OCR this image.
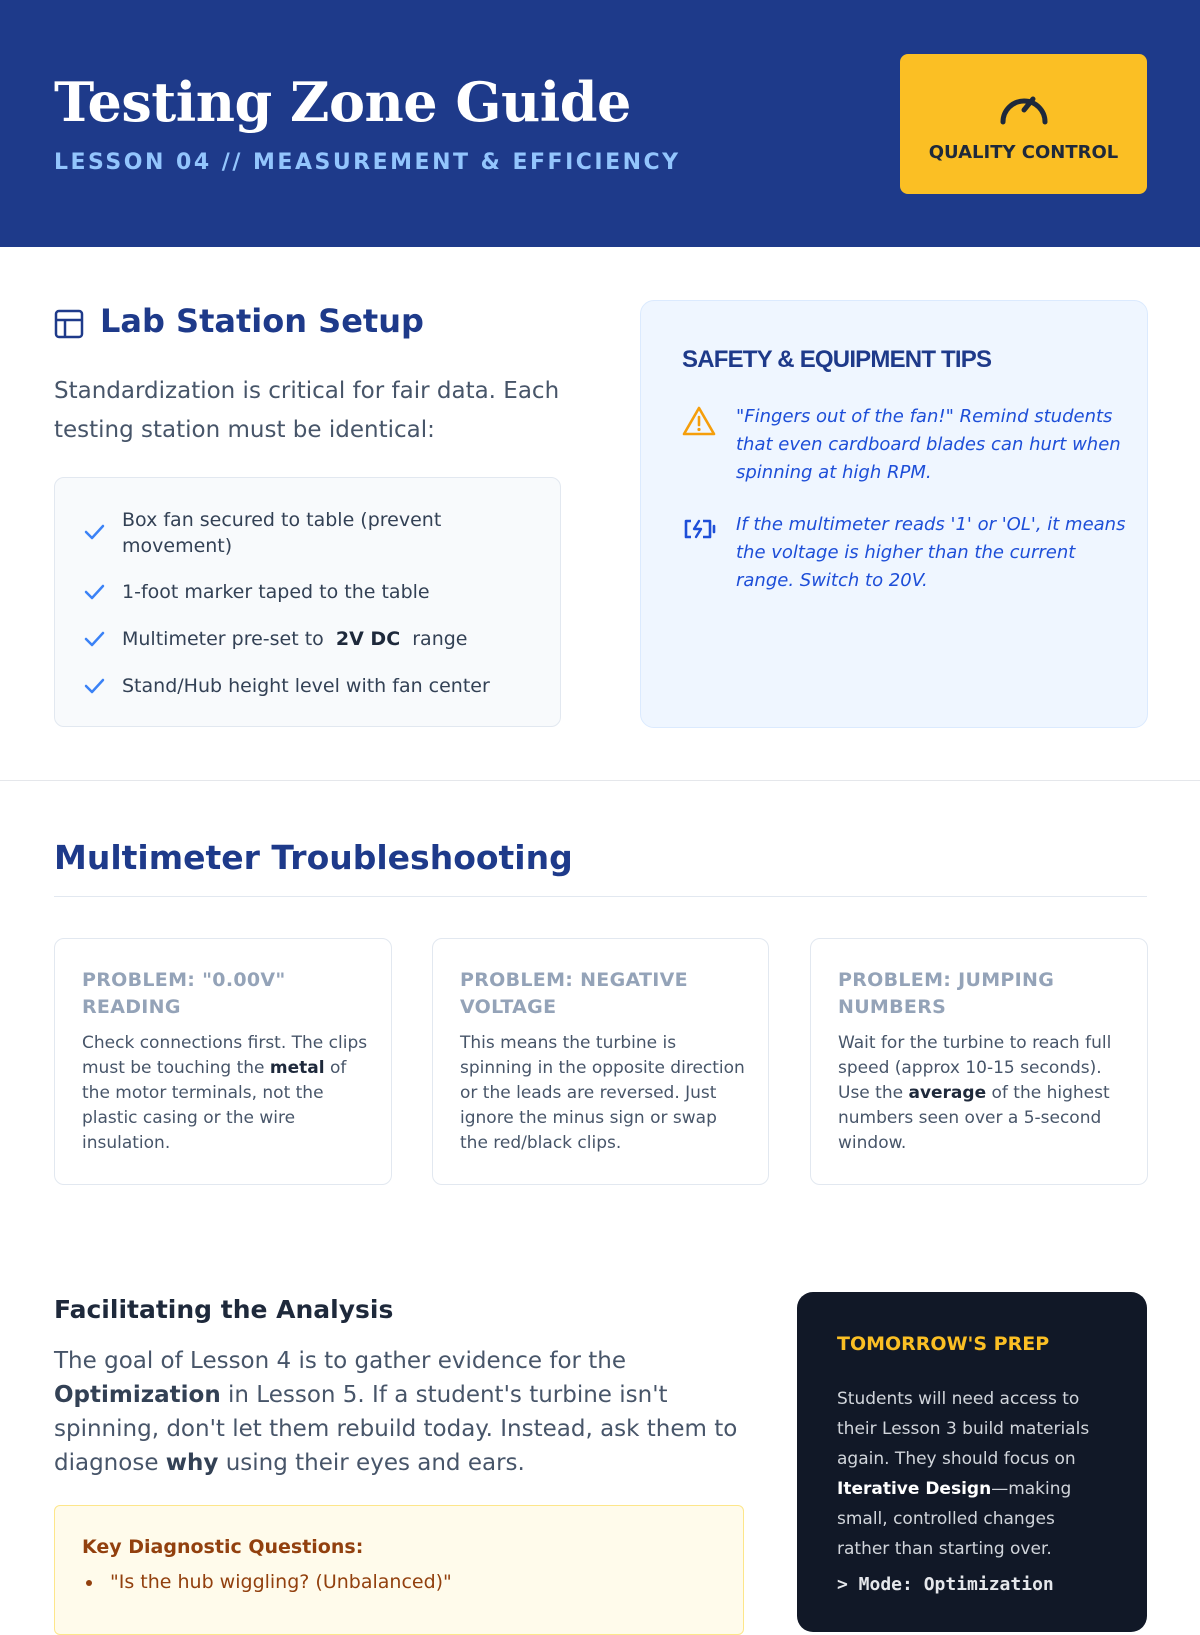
Testing Zone Guide
LESSON 04 // MEASUREMENT & EFFICIENCY	QUALITY CONTROL
Lab Station Setup
Standardization is critical for fair data. Each testing station must be identical:
Box fan secured to table (prevent movement)
1-foot marker taped to the table
Multimeter pre-set to 2V DC range
Stand/Hub height level with fan center
SAFETY & EQUIPMENT TIPS
"Fingers out of the fan!" Remind students that even cardboard blades can hurt when spinning at high RPM.
If the multimeter reads '1' or 'OL', it means the voltage is higher than the current range. Switch to 20V.
Multimeter Troubleshooting
PROBLEM: "0.00V" READING
Check connections first. The clips must be touching the metal of the motor terminals, not the plastic casing or the wire insulation.
PROBLEM: NEGATIVE VOLTAGE
This means the turbine is spinning in the opposite direction or the leads are reversed. Just ignore the minus sign or swap the red/black clips.
PROBLEM: JUMPING NUMBERS
Wait for the turbine to reach full speed (approx 10-15 seconds). Use the average of the highest numbers seen over a 5-second window.
Facilitating the Analysis
The goal of Lesson 4 is to gather evidence for the Optimization in Lesson 5. If a student's turbine isn't spinning, don't let them rebuild today. Instead, ask them to diagnose why using their eyes and ears.
Key Diagnostic Questions:
"Is the hub wiggling? (Unbalanced)"
TOMORROW'S PREP
Students will need access to their Lesson 3 build materials again. They should focus on Iterative Design—making small, controlled changes rather than starting over.
> Mode: Optimization
